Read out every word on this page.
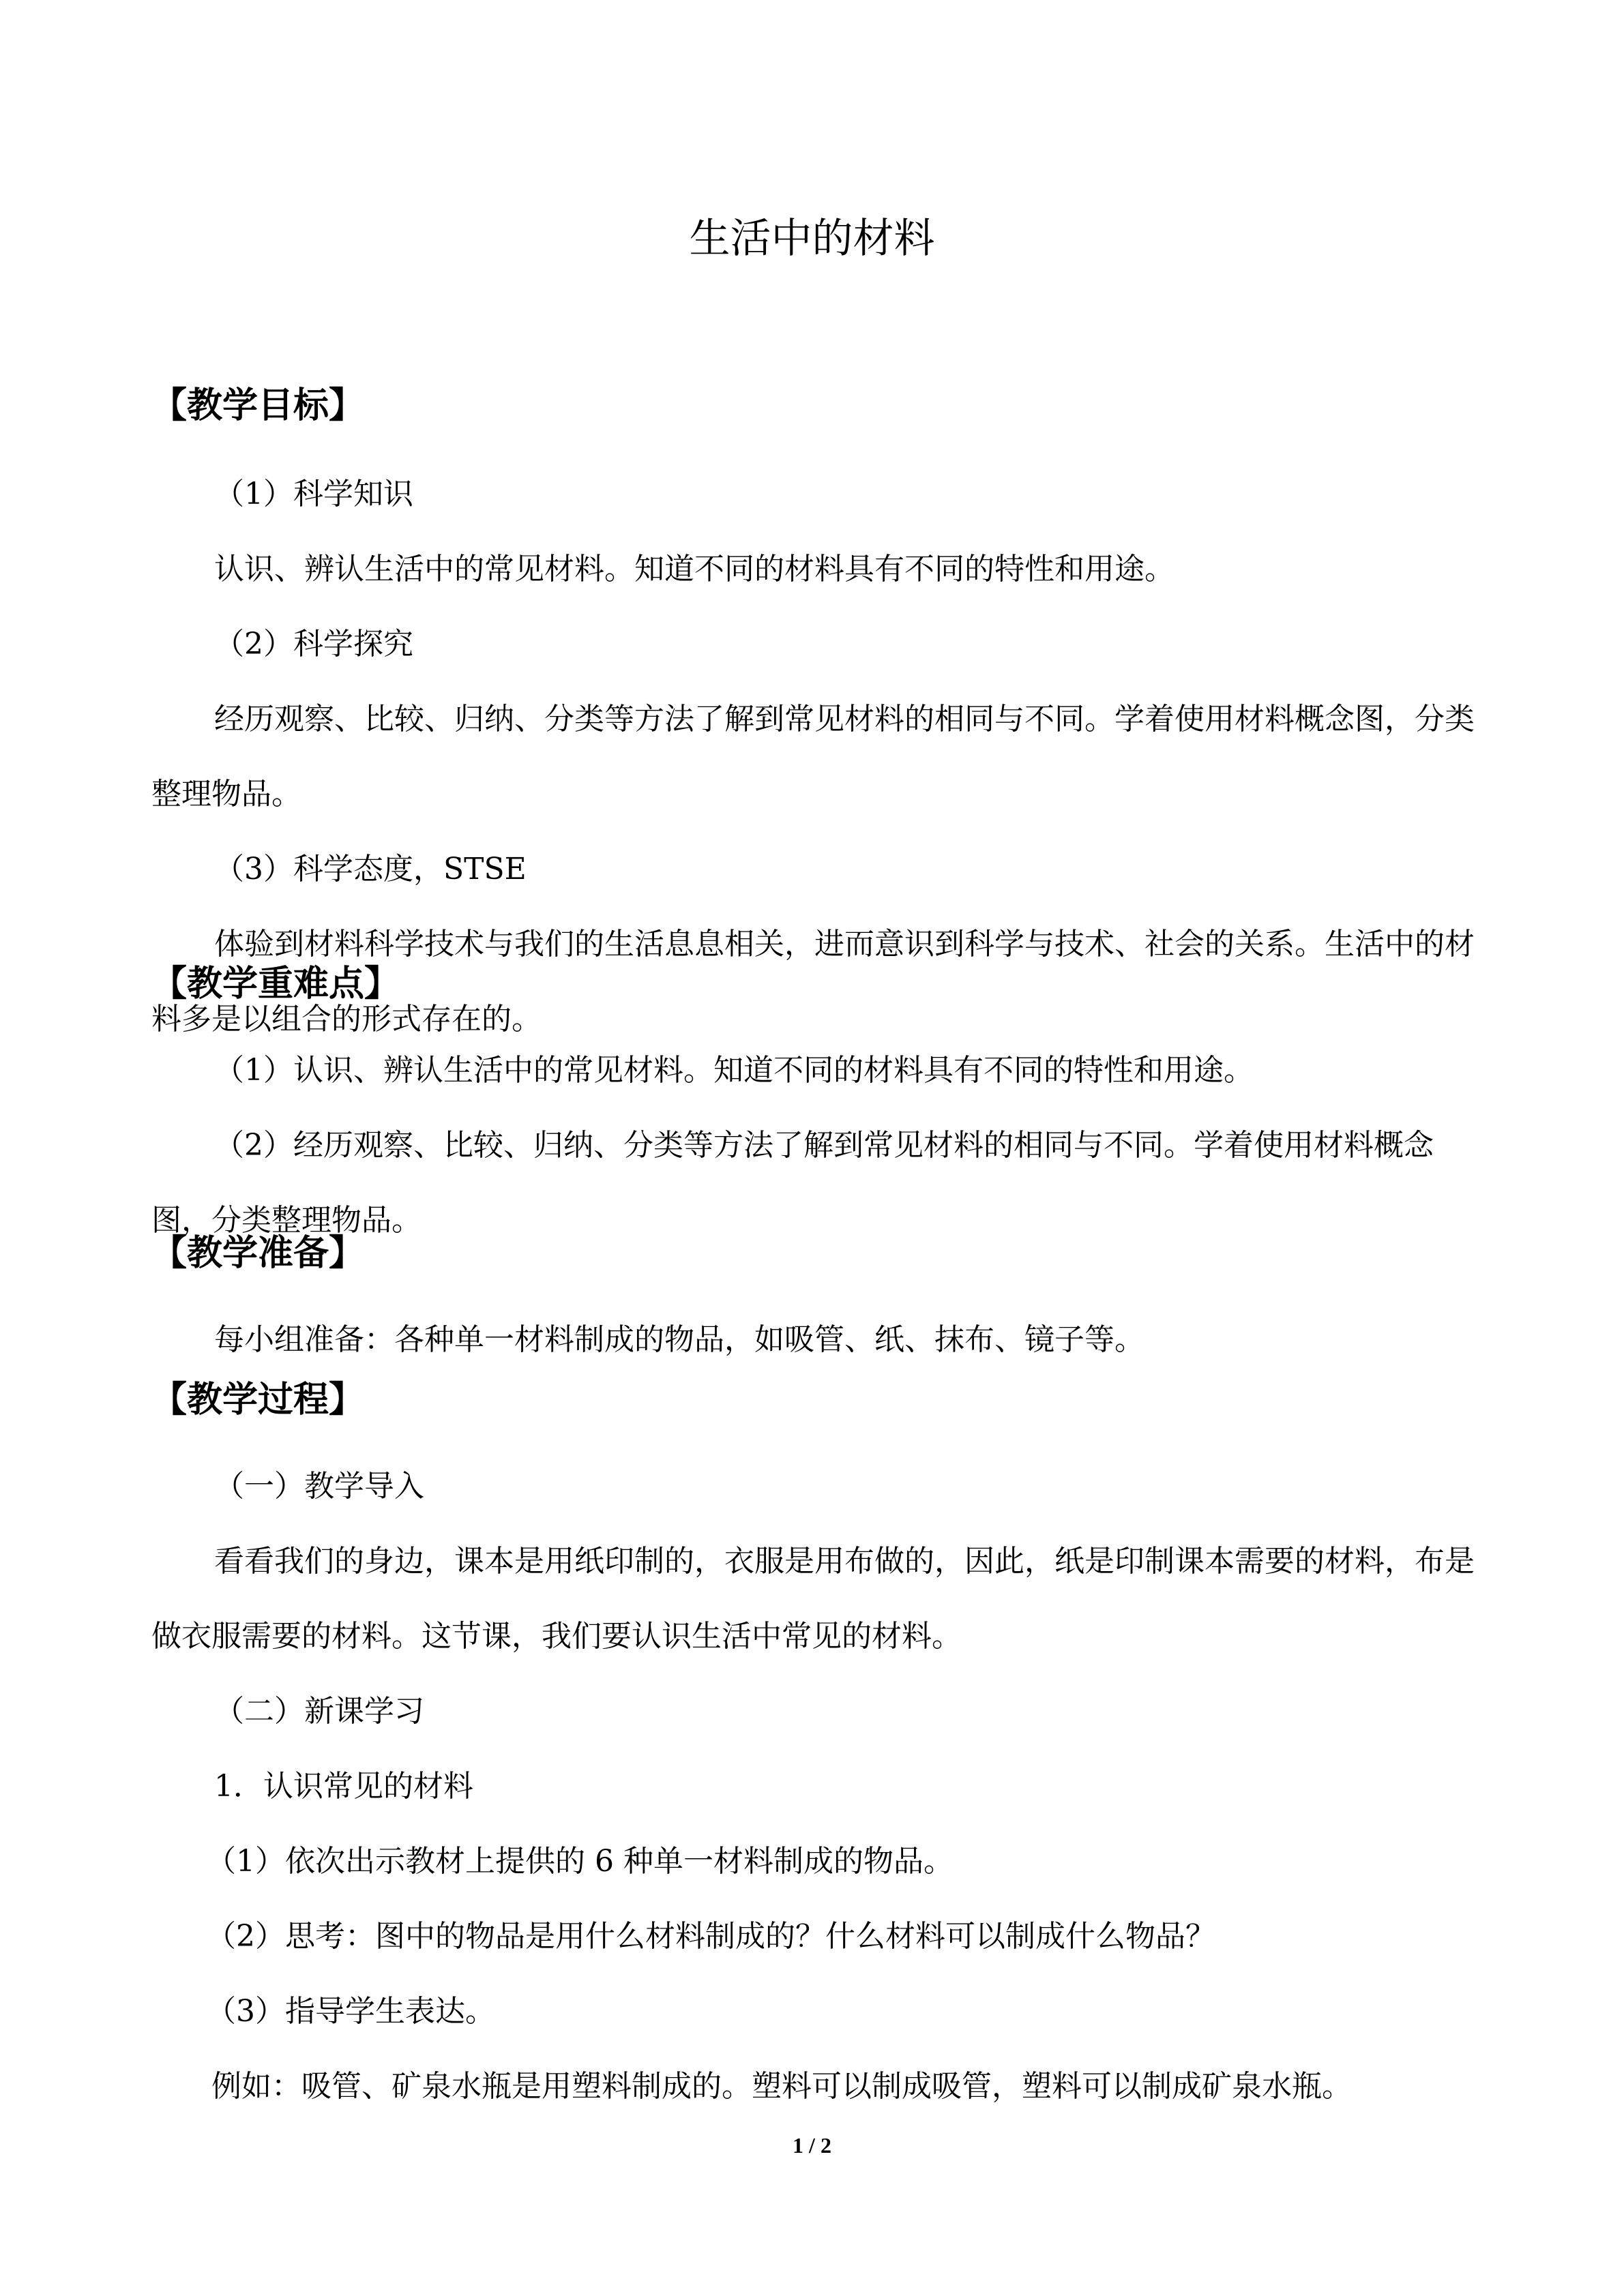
生活中的材料
【教学目标】
（1）科学知识
认识、辨认生活中的常见材料。知道不同的材料具有不同的特性和用途。
（2）科学探究
经历观察、比较、归纳、分类等方法了解到常见材料的相同与不同。学着使用材料概念图，分类整理物品。
（3）科学态度，STSE
体验到材料科学技术与我们的生活息息相关，进而意识到科学与技术、社会的关系。生活中的材料多是以组合的形式存在的。
【教学重难点】
（1）认识、辨认生活中的常见材料。知道不同的材料具有不同的特性和用途。
（2）经历观察、比较、归纳、分类等方法了解到常见材料的相同与不同。学着使用材料概念图，分类整理物品。
【教学准备】
每小组准备：各种单一材料制成的物品，如吸管、纸、抹布、镜子等。
【教学过程】
（一）教学导入
看看我们的身边，课本是用纸印制的，衣服是用布做的，因此，纸是印制课本需要的材料，布是做衣服需要的材料。这节课，我们要认识生活中常见的材料。
（二）新课学习
1．认识常见的材料
（1）依次出示教材上提供的 6 种单一材料制成的物品。
（2）思考：图中的物品是用什么材料制成的？什么材料可以制成什么物品？
（3）指导学生表达。
例如：吸管、矿泉水瓶是用塑料制成的。塑料可以制成吸管，塑料可以制成矿泉水瓶。
1 / 2
